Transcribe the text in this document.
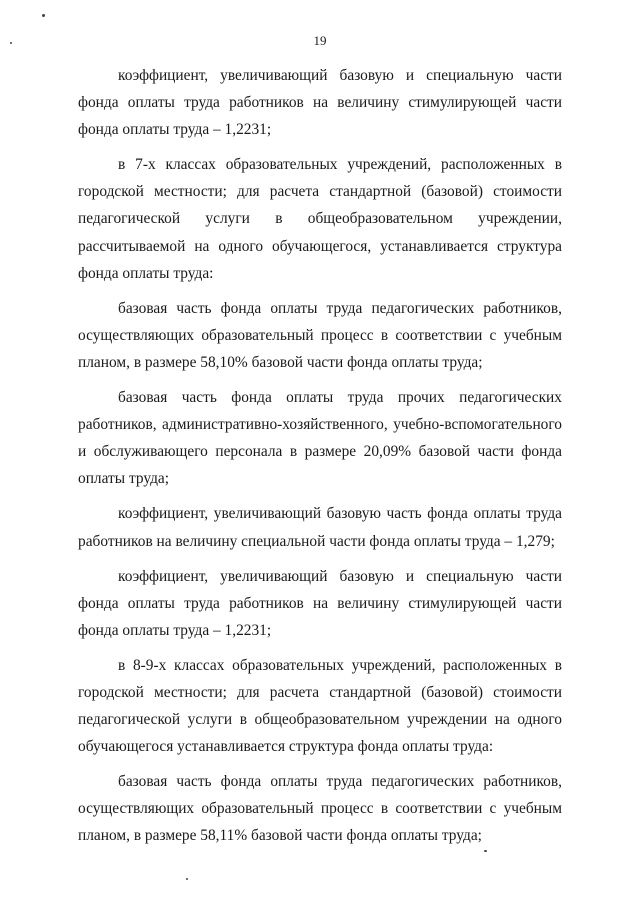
19

коэффициент, увеличивающий базовую и специальную части фонда оплаты труда работников на величину стимулирующей части фонда оплаты труда – 1,2231;

в 7-х классах образовательных учреждений, расположенных в городской местности; для расчета стандартной (базовой) стоимости педагогической услуги в общеобразовательном учреждении, рассчитываемой на одного обучающегося, устанавливается структура фонда оплаты труда:

базовая часть фонда оплаты труда педагогических работников, осуществляющих образовательный процесс в соответствии с учебным планом, в размере 58,10% базовой части фонда оплаты труда;

базовая часть фонда оплаты труда прочих педагогических работников, административно-хозяйственного, учебно-вспомогательного и обслуживающего персонала в размере 20,09% базовой части фонда оплаты труда;

коэффициент, увеличивающий базовую часть фонда оплаты труда работников на величину специальной части фонда оплаты труда – 1,279;

коэффициент, увеличивающий базовую и специальную части фонда оплаты труда работников на величину стимулирующей части фонда оплаты труда – 1,2231;

в 8-9-х классах образовательных учреждений, расположенных в городской местности; для расчета стандартной (базовой) стоимости педагогической услуги в общеобразовательном учреждении на одного обучающегося устанавливается структура фонда оплаты труда:

базовая часть фонда оплаты труда педагогических работников, осуществляющих образовательный процесс в соответствии с учебным планом, в размере 58,11% базовой части фонда оплаты труда;
